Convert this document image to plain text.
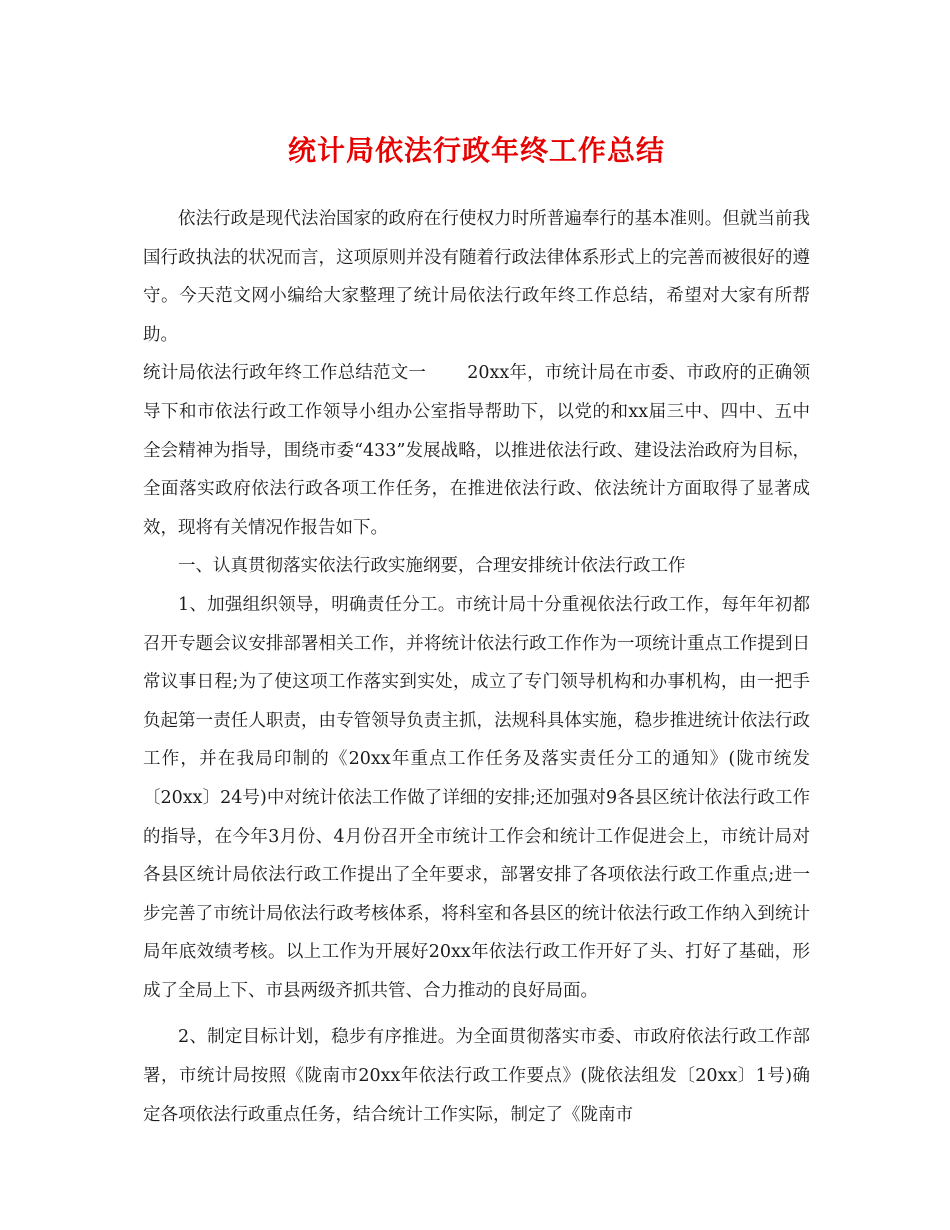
统计局依法行政年终工作总结

依法行政是现代法治国家的政府在行使权力时所普遍奉行的基本准则。但就当前我国行政执法的状况而言，这项原则并没有随着行政法律体系形式上的完善而被很好的遵守。今天范文网小编给大家整理了统计局依法行政年终工作总结，希望对大家有所帮助。

统计局依法行政年终工作总结范文一　　 20xx年，市统计局在市委、市政府的正确领导下和市依法行政工作领导小组办公室指导帮助下，以党的和xx届三中、四中、五中全会精神为指导，围绕市委“433”发展战略，以推进依法行政、建设法治政府为目标，全面落实政府依法行政各项工作任务，在推进依法行政、依法统计方面取得了显著成效，现将有关情况作报告如下。

一、认真贯彻落实依法行政实施纲要，合理安排统计依法行政工作

1、加强组织领导，明确责任分工。市统计局十分重视依法行政工作，每年年初都召开专题会议安排部署相关工作，并将统计依法行政工作作为一项统计重点工作提到日常议事日程;为了使这项工作落实到实处，成立了专门领导机构和办事机构，由一把手负起第一责任人职责，由专管领导负责主抓，法规科具体实施，稳步推进统计依法行政工作，并在我局印制的《20xx年重点工作任务及落实责任分工的通知》(陇市统发〔20xx〕24号)中对统计依法工作做了详细的安排;还加强对9各县区统计依法行政工作的指导，在今年3月份、4月份召开全市统计工作会和统计工作促进会上，市统计局对各县区统计局依法行政工作提出了全年要求，部署安排了各项依法行政工作重点;进一步完善了市统计局依法行政考核体系，将科室和各县区的统计依法行政工作纳入到统计局年底效绩考核。以上工作为开展好20xx年依法行政工作开好了头、打好了基础，形成了全局上下、市县两级齐抓共管、合力推动的良好局面。

2、制定目标计划，稳步有序推进。为全面贯彻落实市委、市政府依法行政工作部署，市统计局按照《陇南市20xx年依法行政工作要点》(陇依法组发〔20xx〕1号)确定各项依法行政重点任务，结合统计工作实际，制定了《陇南市
